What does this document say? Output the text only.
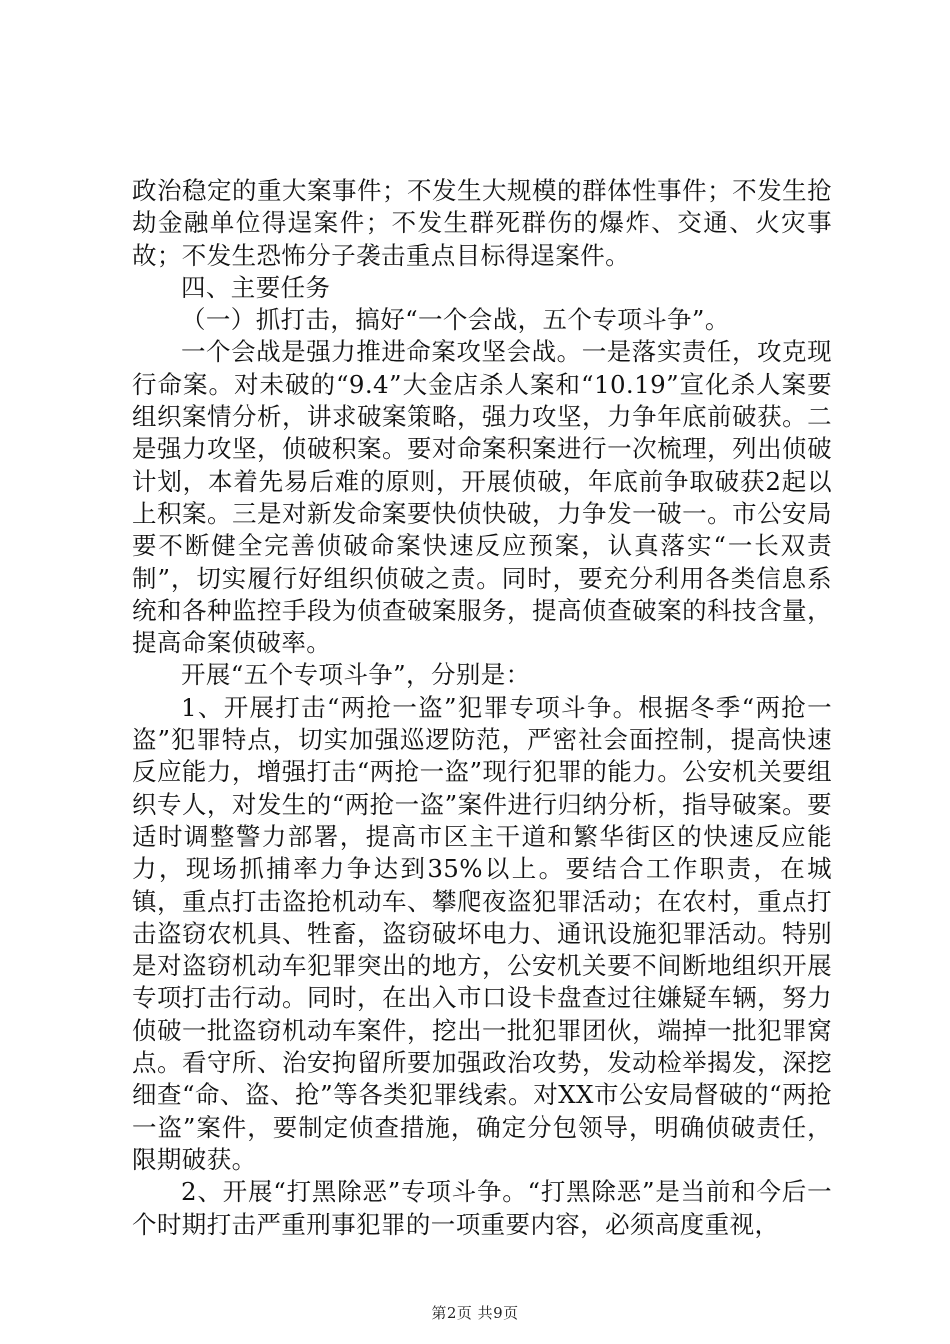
政治稳定的重大案事件；不发生大规模的群体性事件；不发生抢劫金融单位得逞案件；不发生群死群伤的爆炸、交通、火灾事故；不发生恐怖分子袭击重点目标得逞案件。

四、主要任务

（一）抓打击，搞好“一个会战，五个专项斗争”。

一个会战是强力推进命案攻坚会战。一是落实责任，攻克现行命案。对未破的“9.4”大金店杀人案和“10.19”宣化杀人案要组织案情分析，讲求破案策略，强力攻坚，力争年底前破获。二是强力攻坚，侦破积案。要对命案积案进行一次梳理，列出侦破计划，本着先易后难的原则，开展侦破，年底前争取破获2起以上积案。三是对新发命案要快侦快破，力争发一破一。市公安局要不断健全完善侦破命案快速反应预案，认真落实“一长双责制”，切实履行好组织侦破之责。同时，要充分利用各类信息系统和各种监控手段为侦查破案服务，提高侦查破案的科技含量，提高命案侦破率。

开展“五个专项斗争”，分别是：

1、开展打击“两抢一盗”犯罪专项斗争。根据冬季“两抢一盗”犯罪特点，切实加强巡逻防范，严密社会面控制，提高快速反应能力，增强打击“两抢一盗”现行犯罪的能力。公安机关要组织专人，对发生的“两抢一盗”案件进行归纳分析，指导破案。要适时调整警力部署，提高市区主干道和繁华街区的快速反应能力，现场抓捕率力争达到35%以上。要结合工作职责，在城镇，重点打击盗抢机动车、攀爬夜盗犯罪活动；在农村，重点打击盗窃农机具、牲畜，盗窃破坏电力、通讯设施犯罪活动。特别是对盗窃机动车犯罪突出的地方，公安机关要不间断地组织开展专项打击行动。同时，在出入市口设卡盘查过往嫌疑车辆，努力侦破一批盗窃机动车案件，挖出一批犯罪团伙，端掉一批犯罪窝点。看守所、治安拘留所要加强政治攻势，发动检举揭发，深挖细查“命、盗、抢”等各类犯罪线索。对XX市公安局督破的“两抢一盗”案件，要制定侦查措施，确定分包领导，明确侦破责任，限期破获。

2、开展“打黑除恶”专项斗争。“打黑除恶”是当前和今后一个时期打击严重刑事犯罪的一项重要内容，必须高度重视，

第2页 共9页
